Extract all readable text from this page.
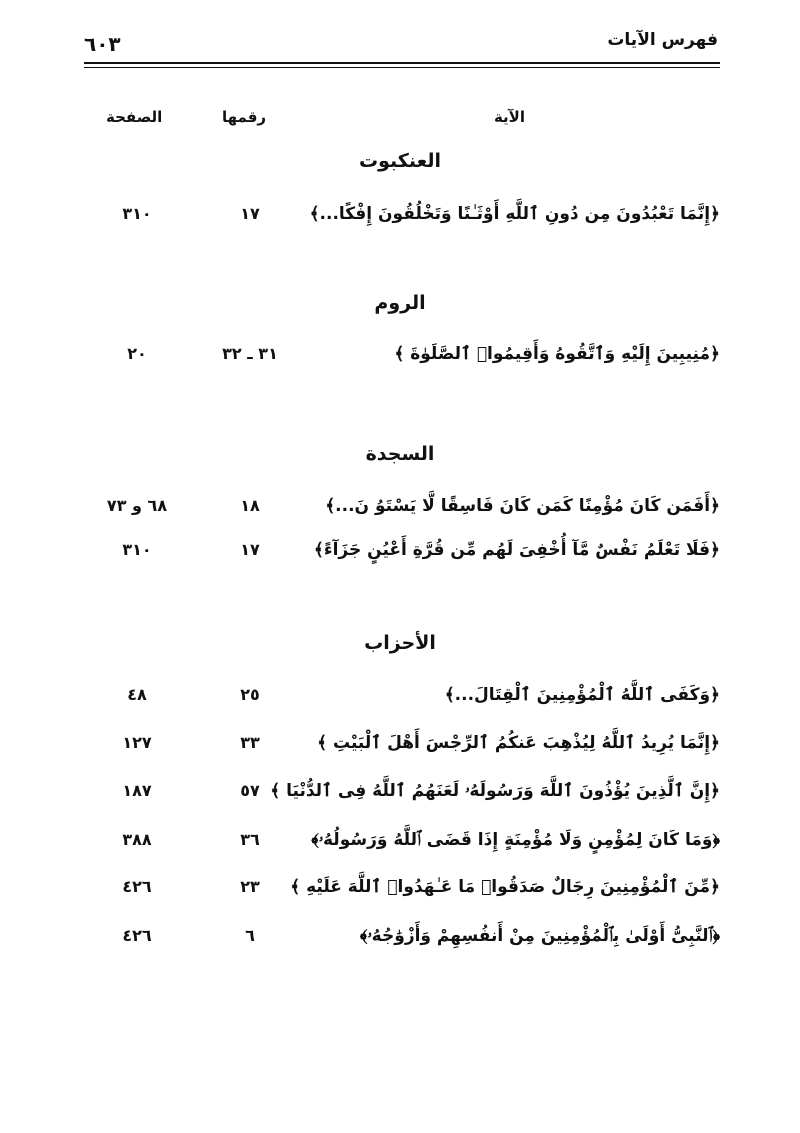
فهرس الآيات
٦٠٣
الآية
رقمها
الصفحة
العنكبوت
﴿إِنَّمَا تَعْبُدُونَ مِن دُونِ ٱللَّهِ أَوْثَـٰنًا وَتَخْلُقُونَ إِفْكًا...﴾
١٧
٣١٠
الروم
﴿مُنِيبِينَ إِلَيْهِ وَٱتَّقُوهُ وَأَقِيمُوا۟ ٱلصَّلَوٰةَ ﴾
٣١ ـ ٣٢
٢٠
السجدة
﴿أَفَمَن كَانَ مُؤْمِنًا كَمَن كَانَ فَاسِقًا لَّا يَسْتَوُ نَ...﴾
١٨
٦٨ و ٧٣
﴿فَلَا تَعْلَمُ نَفْسٌ مَّآ أُخْفِىَ لَهُم مِّن قُرَّةِ أَعْيُنٍ جَزَآءً﴾
١٧
٣١٠
الأحزاب
﴿وَكَفَى ٱللَّهُ ٱلْمُؤْمِنِينَ ٱلْقِتَالَ...﴾
٢٥
٤٨
﴿إِنَّمَا يُرِيدُ ٱللَّهُ لِيُذْهِبَ عَنكُمُ ٱلرِّجْسَ أَهْلَ ٱلْبَيْتِ ﴾
٣٣
١٢٧
﴿إِنَّ ٱلَّذِينَ يُؤْذُونَ ٱللَّهَ وَرَسُولَهُۥ لَعَنَهُمُ ٱللَّهُ فِى ٱلدُّنْيَا ﴾
٥٧
١٨٧
﴿وَمَا كَانَ لِمُؤْمِنٍ وَلَا مُؤْمِنَةٍ إِذَا قَضَى ٱللَّهُ وَرَسُولُهُۥ﴾
٣٦
٣٨٨
﴿مِّنَ ٱلْمُؤْمِنِينَ رِجَالٌ صَدَقُوا۟ مَا عَـٰهَدُوا۟ ٱللَّهَ عَلَيْهِ ﴾
٢٣
٤٢٦
﴿ٱلنَّبِىُّ أَوْلَىٰ بِٱلْمُؤْمِنِينَ مِنْ أَنفُسِهِمْ وَأَزْوَٰجُهُۥ﴾
٦
٤٢٦
